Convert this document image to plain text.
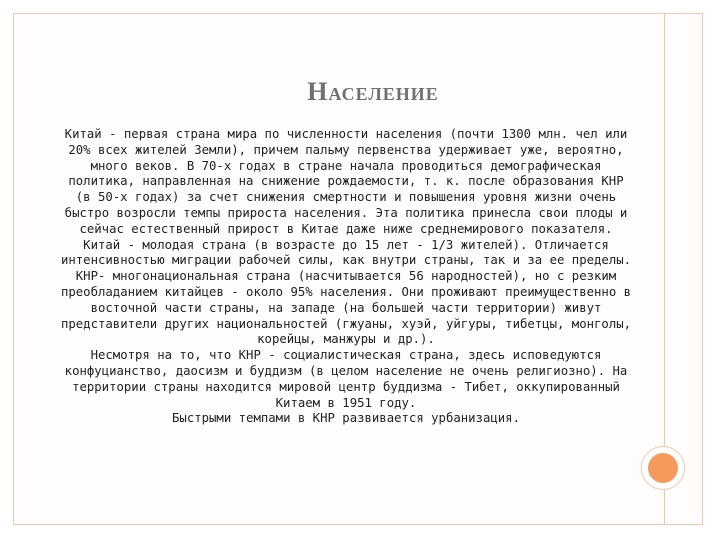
Население

Китай - первая страна мира по численности населения (почти 1300 млн. чел или 20% всех жителей Земли), причем пальму первенства удерживает уже, вероятно, много веков. В 70-х годах в стране начала проводиться демографическая политика, направленная на снижение рождаемости, т. к. после образования КНР (в 50-х годах) за счет снижения смертности и повышения уровня жизни очень быстро возросли темпы прироста населения. Эта политика принесла свои плоды и сейчас естественный прирост в Китае даже ниже среднемирового показателя.

Китай - молодая страна (в возрасте до 15 лет - 1/3 жителей). Отличается интенсивностью миграции рабочей силы, как внутри страны, так и за ее пределы.

КНР- многонациональная страна (насчитывается 56 народностей), но с резким преобладанием китайцев - около 95% населения. Они проживают преимущественно в восточной части страны, на западе (на большей части территории) живут представители других национальностей (гжуаны, хуэй, уйгуры, тибетцы, монголы, корейцы, манжуры и др.).

Несмотря на то, что КНР - социалистическая страна, здесь исповедуются конфуцианство, даосизм и буддизм (в целом население не очень религиозно). На территории страны находится мировой центр буддизма - Тибет, оккупированный Китаем в 1951 году.

Быстрыми темпами в КНР развивается урбанизация.
